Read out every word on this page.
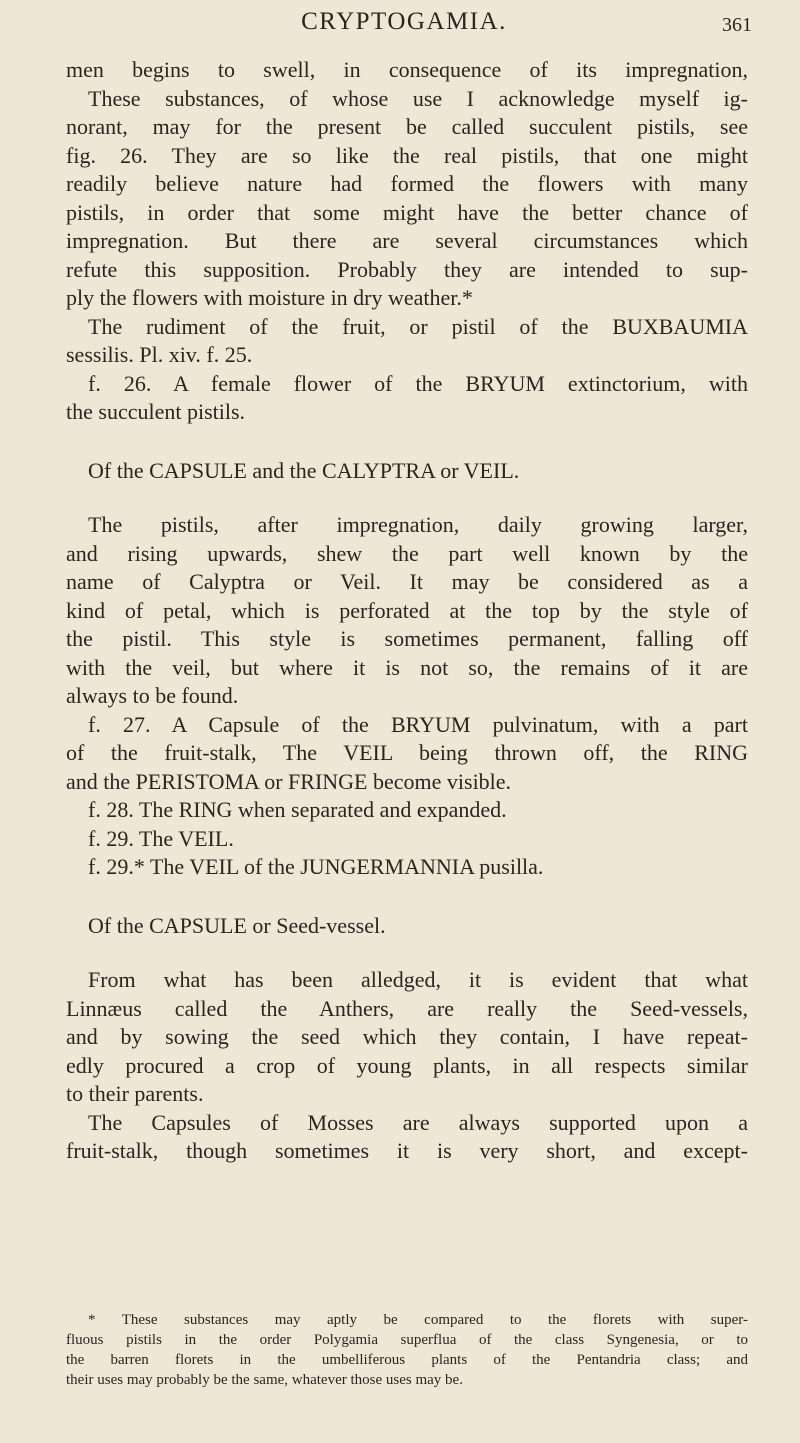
CRYPTOGAMIA.	361
men begins to swell, in consequence of its impregnation,
These substances, of whose use I acknowledge myself ig-
norant, may for the present be called succulent pistils, see
fig. 26. They are so like the real pistils, that one might
readily believe nature had formed the flowers with many
pistils, in order that some might have the better chance of
impregnation. But there are several circumstances which
refute this supposition. Probably they are intended to sup-
ply the flowers with moisture in dry weather.*
The rudiment of the fruit, or pistil of the BUXBAUMIA
sessilis. Pl. xiv. f. 25.
f. 26. A female flower of the BRYUM extinctorium, with
the succulent pistils.
Of the CAPSULE and the CALYPTRA or VEIL.
The pistils, after impregnation, daily growing larger,
and rising upwards, shew the part well known by the
name of Calyptra or Veil. It may be considered as a
kind of petal, which is perforated at the top by the style of
the pistil. This style is sometimes permanent, falling off
with the veil, but where it is not so, the remains of it are
always to be found.
f. 27. A Capsule of the BRYUM pulvinatum, with a part
of the fruit-stalk, The VEIL being thrown off, the RING
and the PERISTOMA or FRINGE become visible.
f. 28. The RING when separated and expanded.
f. 29. The VEIL.
f. 29.* The VEIL of the JUNGERMANNIA pusilla.
Of the CAPSULE or Seed-vessel.
From what has been alledged, it is evident that what
Linnæus called the Anthers, are really the Seed-vessels,
and by sowing the seed which they contain, I have repeat-
edly procured a crop of young plants, in all respects similar
to their parents.
The Capsules of Mosses are always supported upon a
fruit-stalk, though sometimes it is very short, and except-
* These substances may aptly be compared to the florets with super-
fluous pistils in the order Polygamia superflua of the class Syngenesia, or to
the barren florets in the umbelliferous plants of the Pentandria class; and
their uses may probably be the same, whatever those uses may be.
